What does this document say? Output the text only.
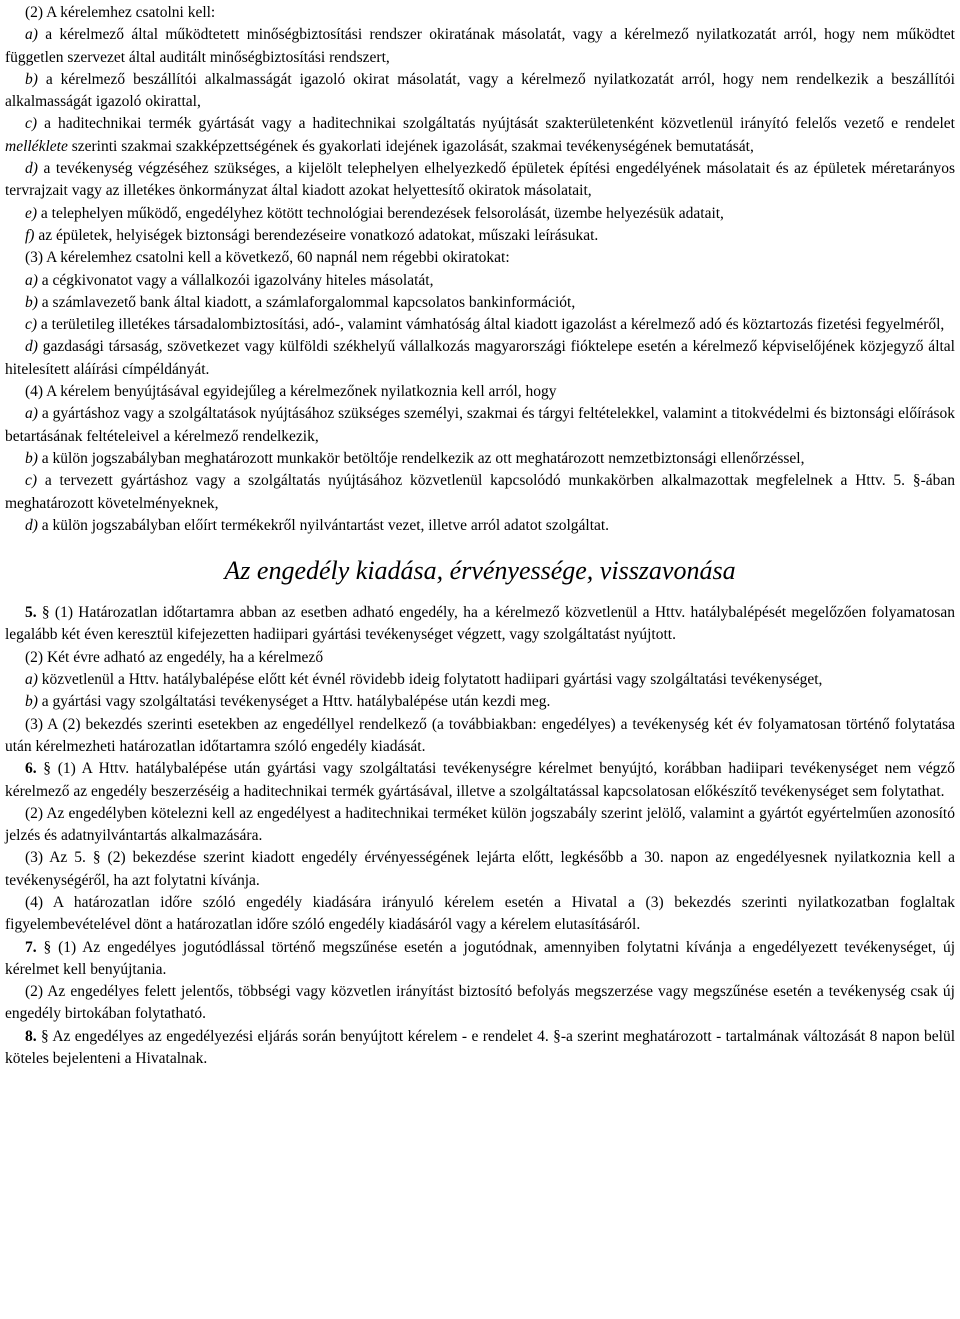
(2) A kérelemhez csatolni kell:

a) a kérelmező által működtetett minőségbiztosítási rendszer okiratának másolatát, vagy a kérelmező nyilatkozatát arról, hogy nem működtet független szervezet által auditált minőségbiztosítási rendszert,

b) a kérelmező beszállítói alkalmasságát igazoló okirat másolatát, vagy a kérelmező nyilatkozatát arról, hogy nem rendelkezik a beszállítói alkalmasságát igazoló okirattal,

c) a haditechnikai termék gyártását vagy a haditechnikai szolgáltatás nyújtását szakterületenként közvetlenül irányító felelős vezető e rendelet melléklete szerinti szakmai szakképzettségének és gyakorlati idejének igazolását, szakmai tevékenységének bemutatását,

d) a tevékenység végzéséhez szükséges, a kijelölt telephelyen elhelyezkedő épületek építési engedélyének másolatait és az épületek méretarányos tervrajzait vagy az illetékes önkormányzat által kiadott azokat helyettesítő okiratok másolatait,

e) a telephelyen működő, engedélyhez kötött technológiai berendezések felsorolását, üzembe helyezésük adatait,

f) az épületek, helyiségek biztonsági berendezéseire vonatkozó adatokat, műszaki leírásukat.

(3) A kérelemhez csatolni kell a következő, 60 napnál nem régebbi okiratokat:

a) a cégkivonatot vagy a vállalkozói igazolvány hiteles másolatát,

b) a számlavezető bank által kiadott, a számlaforgalommal kapcsolatos bankinformációt,

c) a területileg illetékes társadalombiztosítási, adó-, valamint vámhatóság által kiadott igazolást a kérelmező adó és köztartozás fizetési fegyelméről,

d) gazdasági társaság, szövetkezet vagy külföldi székhelyű vállalkozás magyarországi fióktelepe esetén a kérelmező képviselőjének közjegyző által hitelesített aláírási címpéldányát.

(4) A kérelem benyújtásával egyidejűleg a kérelmezőnek nyilatkoznia kell arról, hogy

a) a gyártáshoz vagy a szolgáltatások nyújtásához szükséges személyi, szakmai és tárgyi feltételekkel, valamint a titokvédelmi és biztonsági előírások betartásának feltételeivel a kérelmező rendelkezik,

b) a külön jogszabályban meghatározott munkakör betöltője rendelkezik az ott meghatározott nemzetbiztonsági ellenőrzéssel,

c) a tervezett gyártáshoz vagy a szolgáltatás nyújtásához közvetlenül kapcsolódó munkakörben alkalmazottak megfelelnek a Httv. 5. §-ában meghatározott követelményeknek,

d) a külön jogszabályban előírt termékekről nyilvántartást vezet, illetve arról adatot szolgáltat.

Az engedély kiadása, érvényessége, visszavonása

5. § (1) Határozatlan időtartamra abban az esetben adható engedély, ha a kérelmező közvetlenül a Httv. hatálybalépését megelőzően folyamatosan legalább két éven keresztül kifejezetten hadiipari gyártási tevékenységet végzett, vagy szolgáltatást nyújtott.

(2) Két évre adható az engedély, ha a kérelmező

a) közvetlenül a Httv. hatálybalépése előtt két évnél rövidebb ideig folytatott hadiipari gyártási vagy szolgáltatási tevékenységet,

b) a gyártási vagy szolgáltatási tevékenységet a Httv. hatálybalépése után kezdi meg.

(3) A (2) bekezdés szerinti esetekben az engedéllyel rendelkező (a továbbiakban: engedélyes) a tevékenység két év folyamatosan történő folytatása után kérelmezheti határozatlan időtartamra szóló engedély kiadását.

6. § (1) A Httv. hatálybalépése után gyártási vagy szolgáltatási tevékenységre kérelmet benyújtó, korábban hadiipari tevékenységet nem végző kérelmező az engedély beszerzéséig a haditechnikai termék gyártásával, illetve a szolgáltatással kapcsolatosan előkészítő tevékenységet sem folytathat.

(2) Az engedélyben kötelezni kell az engedélyest a haditechnikai terméket külön jogszabály szerint jelölő, valamint a gyártót egyértelműen azonosító jelzés és adatnyilvántartás alkalmazására.

(3) Az 5. § (2) bekezdése szerint kiadott engedély érvényességének lejárta előtt, legkésőbb a 30. napon az engedélyesnek nyilatkoznia kell a tevékenységéről, ha azt folytatni kívánja.

(4) A határozatlan időre szóló engedély kiadására irányuló kérelem esetén a Hivatal a (3) bekezdés szerinti nyilatkozatban foglaltak figyelembevételével dönt a határozatlan időre szóló engedély kiadásáról vagy a kérelem elutasításáról.

7. § (1) Az engedélyes jogutódlással történő megszűnése esetén a jogutódnak, amennyiben folytatni kívánja a engedélyezett tevékenységet, új kérelmet kell benyújtania.

(2) Az engedélyes felett jelentős, többségi vagy közvetlen irányítást biztosító befolyás megszerzése vagy megszűnése esetén a tevékenység csak új engedély birtokában folytatható.

8. § Az engedélyes az engedélyezési eljárás során benyújtott kérelem - e rendelet 4. §-a szerint meghatározott - tartalmának változását 8 napon belül köteles bejelenteni a Hivatalnak.
